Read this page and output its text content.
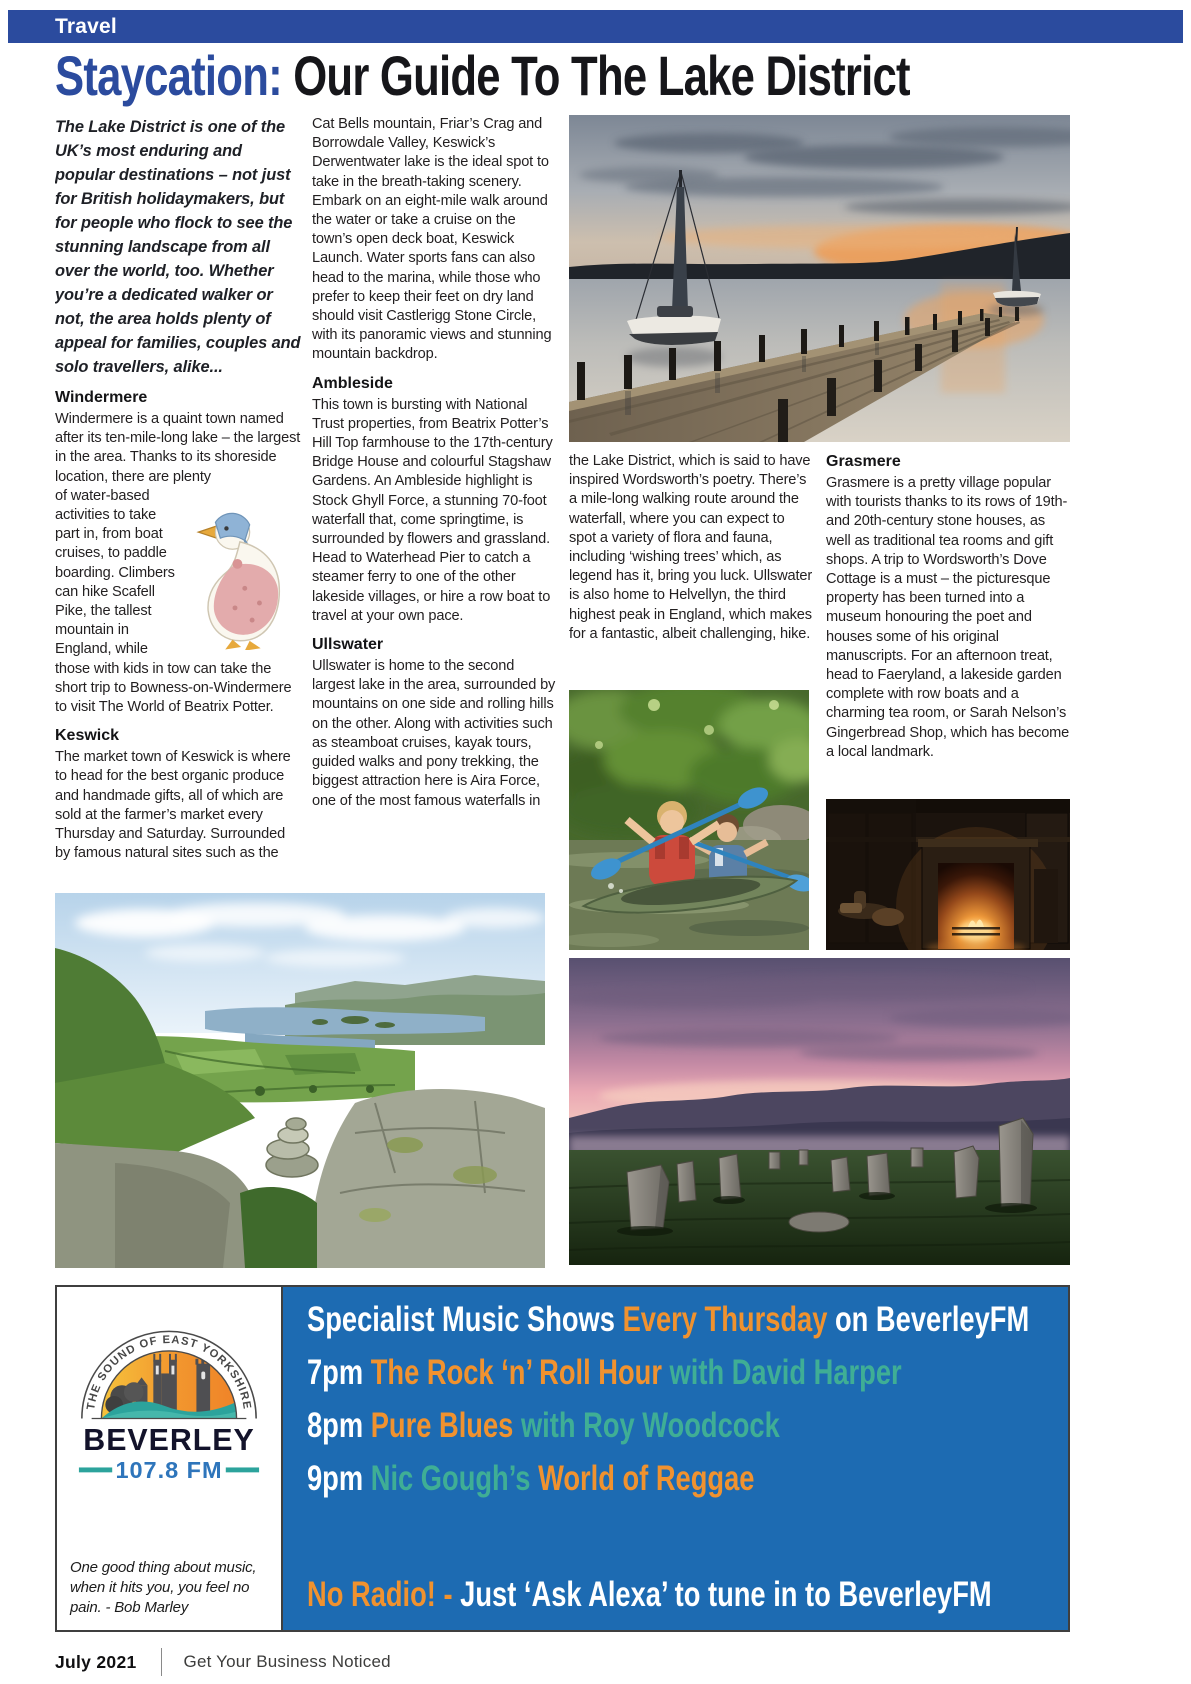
Travel
Staycation: Our Guide To The Lake District

The Lake District is one of the UK’s most enduring and popular destinations – not just for British holidaymakers, but for people who flock to see the stunning landscape from all over the world, too. Whether you’re a dedicated walker or not, the area holds plenty of appeal for families, couples and solo travellers, alike...

Windermere

Windermere is a quaint town named after its ten-mile-long lake – the largest in the area. Thanks to its shoreside location, there are plenty

of water-based activities to take part in, from boat cruises, to paddle boarding. Climbers can hike Scafell Pike, the tallest mountain in England, while those with kids in tow can take the short trip to Bowness-on-Windermere to visit The World of Beatrix Potter.

Keswick

The market town of Keswick is where to head for the best organic produce and handmade gifts, all of which are sold at the farmer’s market every Thursday and Saturday. Surrounded by famous natural sites such as the

Cat Bells mountain, Friar’s Crag and Borrowdale Valley, Keswick’s Derwentwater lake is the ideal spot to take in the breath-taking scenery. Embark on an eight-mile walk around the water or take a cruise on the town’s open deck boat, Keswick Launch. Water sports fans can also head to the marina, while those who prefer to keep their feet on dry land should visit Castlerigg Stone Circle, with its panoramic views and stunning mountain backdrop.

Ambleside

This town is bursting with National Trust properties, from Beatrix Potter’s Hill Top farmhouse to the 17th-century Bridge House and colourful Stagshaw Gardens. An Ambleside highlight is Stock Ghyll Force, a stunning 70-foot waterfall that, come springtime, is surrounded by flowers and grassland. Head to Waterhead Pier to catch a steamer ferry to one of the other lakeside villages, or hire a row boat to travel at your own pace.

Ullswater

Ullswater is home to the second largest lake in the area, surrounded by mountains on one side and rolling hills on the other. Along with activities such as steamboat cruises, kayak tours, guided walks and pony trekking, the biggest attraction here is Aira Force, one of the most famous waterfalls in

the Lake District, which is said to have inspired Wordsworth’s poetry. There’s a mile-long walking route around the waterfall, where you can expect to spot a variety of flora and fauna, including ‘wishing trees’ which, as legend has it, bring you luck. Ullswater is also home to Helvellyn, the third highest peak in England, which makes for a fantastic, albeit challenging, hike.

Grasmere

Grasmere is a pretty village popular with tourists thanks to its rows of 19th- and 20th-century stone houses, as well as traditional tea rooms and gift shops. A trip to Wordsworth’s Dove Cottage is a must – the picturesque property has been turned into a museum honouring the poet and houses some of his original manuscripts. For an afternoon treat, head to Faeryland, a lakeside garden complete with row boats and a charming tea room, or Sarah Nelson’s Gingerbread Shop, which has become a local landmark.

THE SOUND OF EAST YORKSHIRE
BEVERLEY
107.8 FM
One good thing about music, when it hits you, you feel no pain. - Bob Marley
Specialist Music Shows Every Thursday on BeverleyFM
7pm The Rock ‘n’ Roll Hour with David Harper
8pm Pure Blues with Roy Woodcock
9pm Nic Gough’s World of Reggae
No Radio! - Just ‘Ask Alexa’ to tune in to BeverleyFM
July 2021	Get Your Business Noticed
